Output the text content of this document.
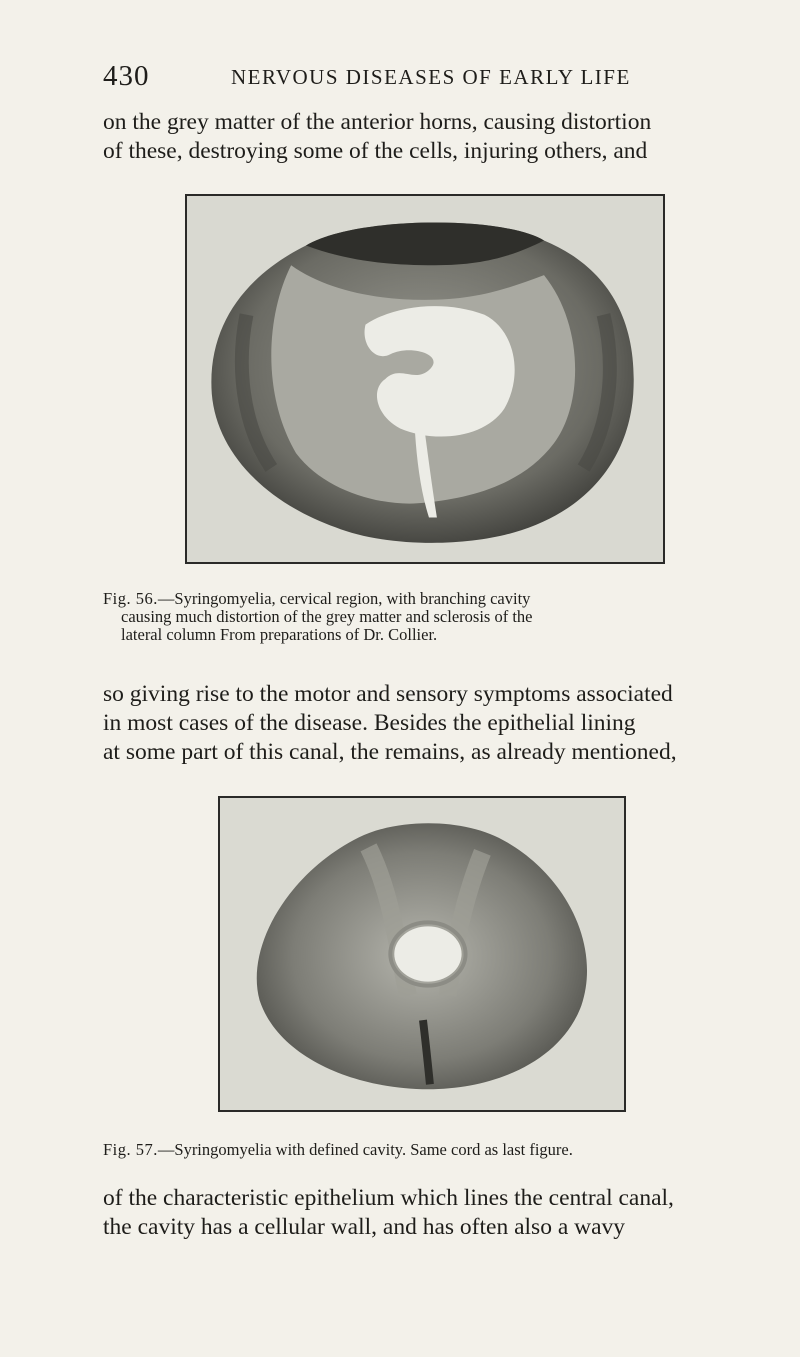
430	NERVOUS DISEASES OF EARLY LIFE

on the grey matter of the anterior horns, causing distortion
of these, destroying some of the cells, injuring others, and

Fig. 56.—Syringomyelia, cervical region, with branching cavity
causing much distortion of the grey matter and sclerosis of the
lateral column From preparations of Dr. Collier.

so giving rise to the motor and sensory symptoms associated
in most cases of the disease. Besides the epithelial lining
at some part of this canal, the remains, as already mentioned,

Fig. 57.—Syringomyelia with defined cavity. Same cord as last figure.

of the characteristic epithelium which lines the central canal,
the cavity has a cellular wall, and has often also a wavy
